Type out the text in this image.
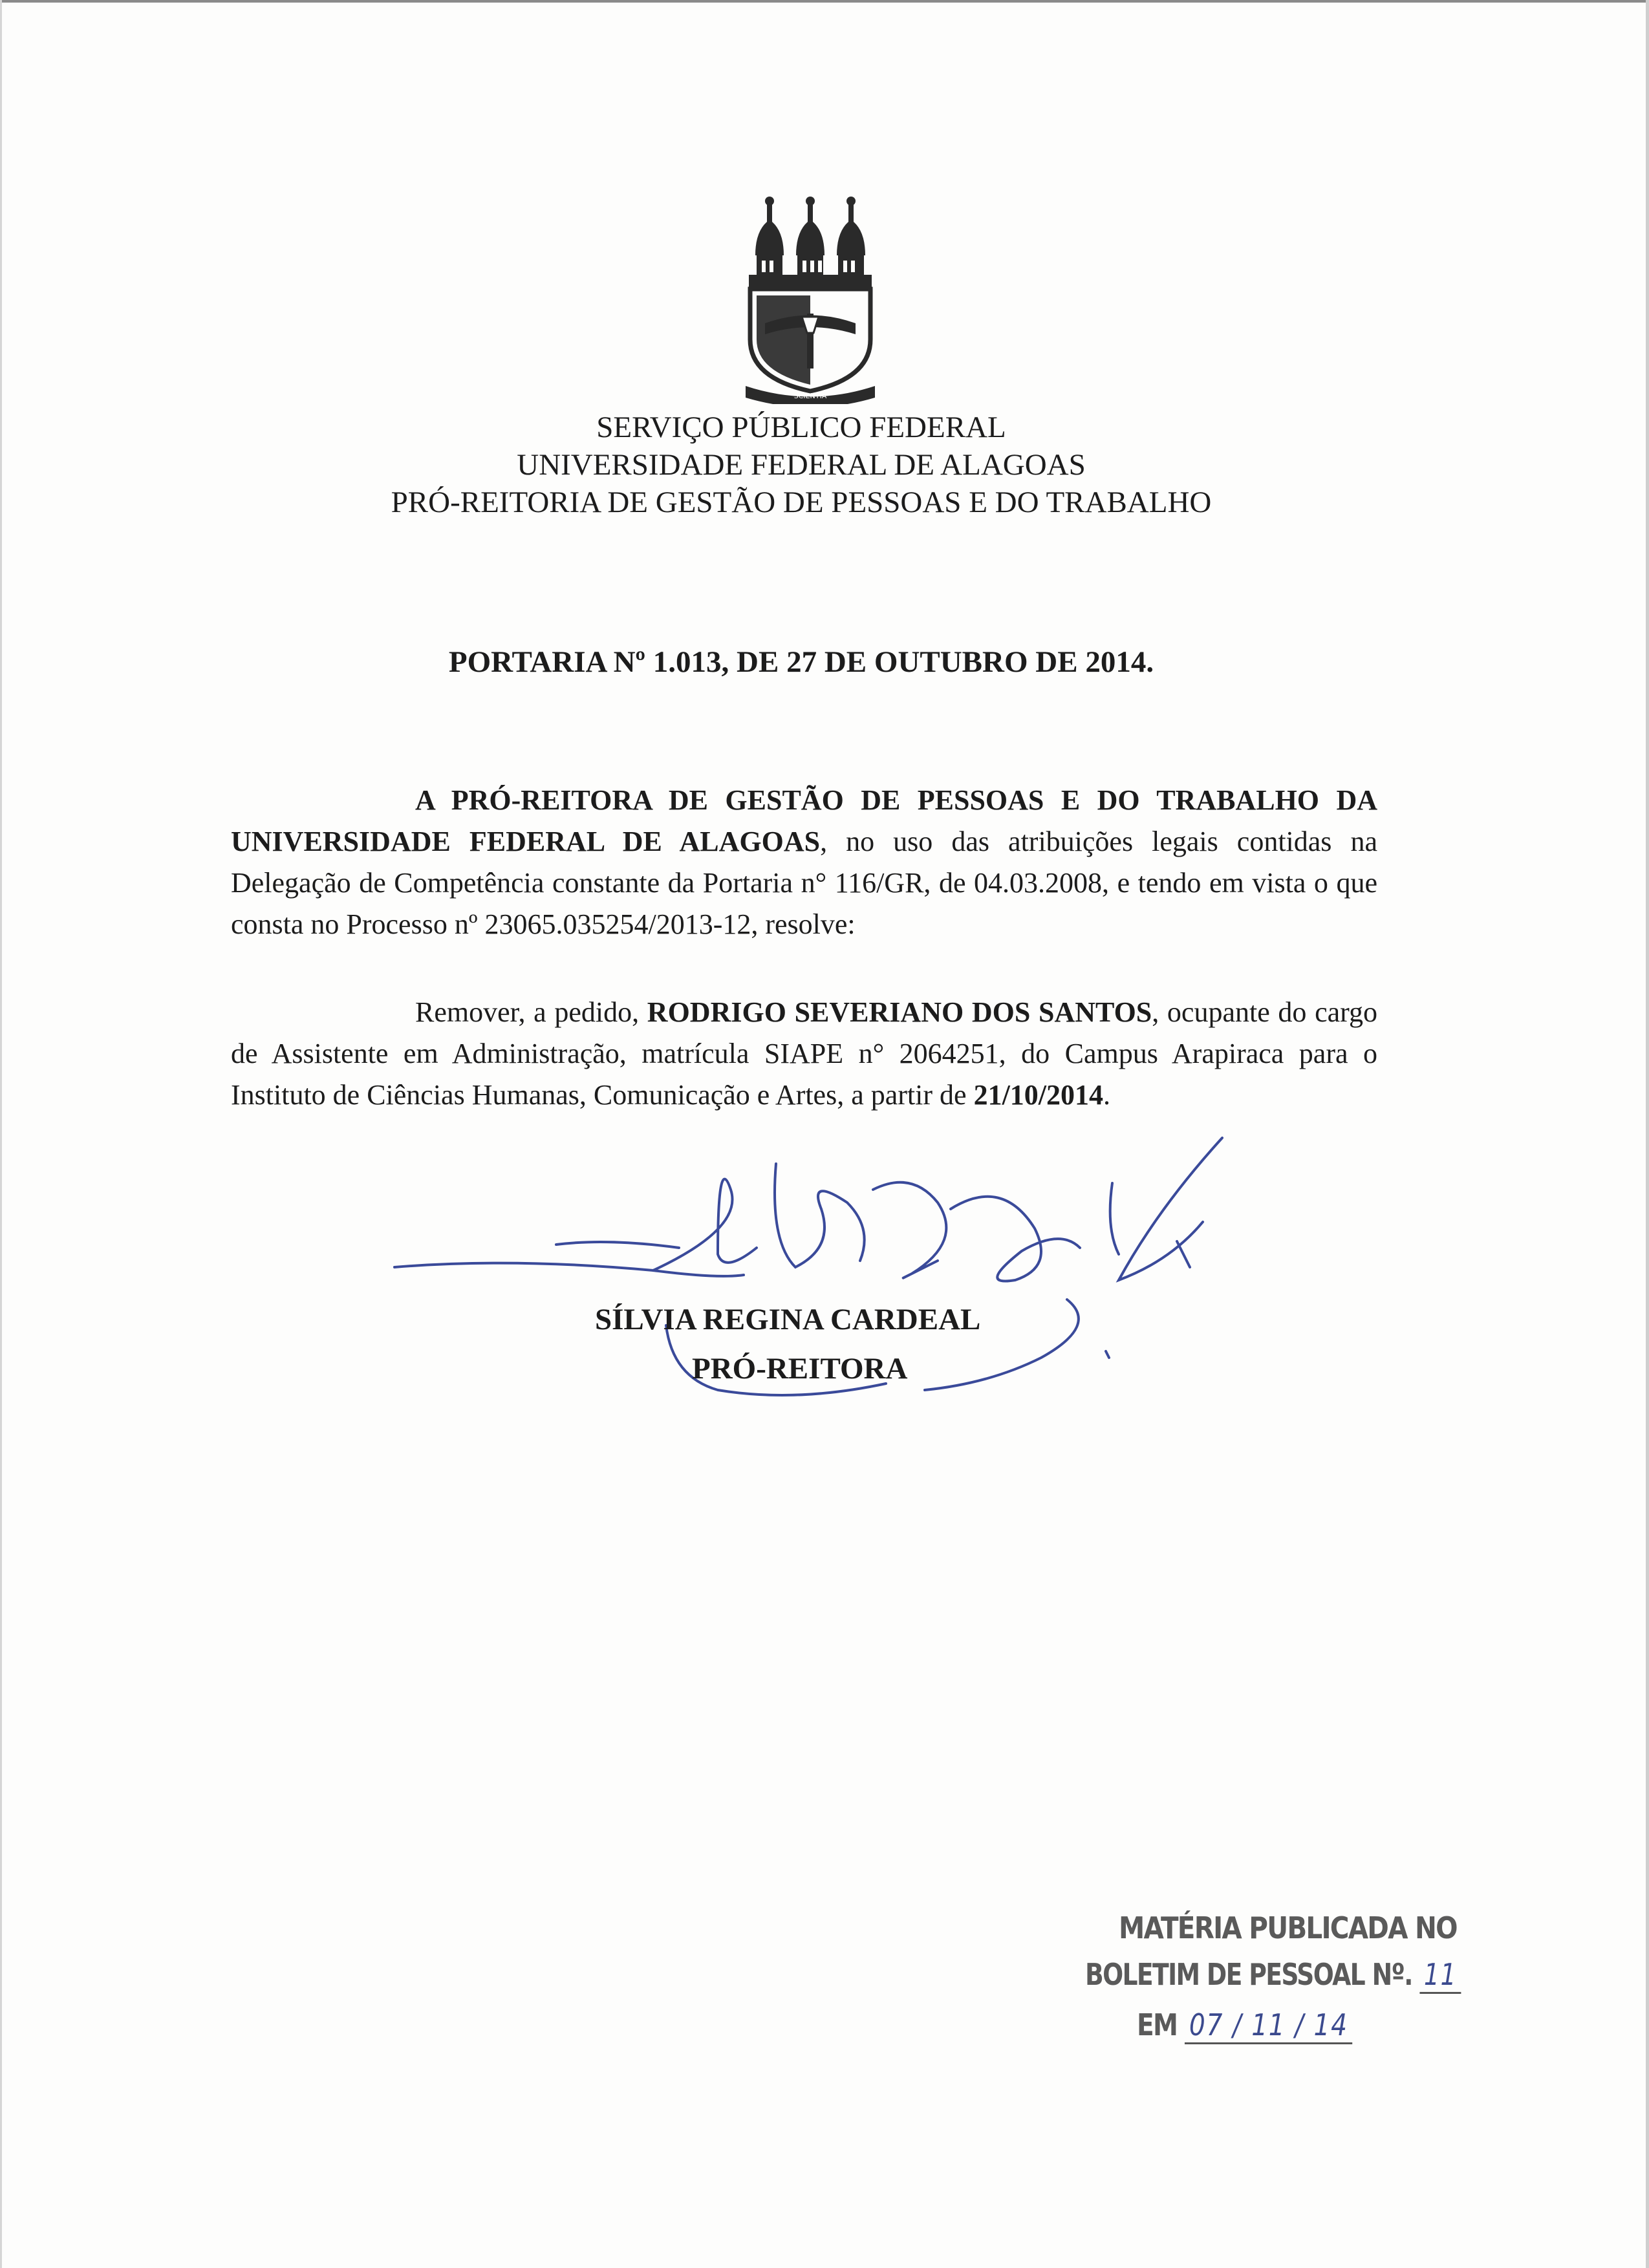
SCIENTIA
SERVIÇO PÚBLICO FEDERAL
UNIVERSIDADE FEDERAL DE ALAGOAS
PRÓ-REITORIA DE GESTÃO DE PESSOAS E DO TRABALHO
PORTARIA Nº 1.013, DE 27 DE OUTUBRO DE 2014.
A PRÓ-REITORA DE GESTÃO DE PESSOAS E DO TRABALHO DA UNIVERSIDADE FEDERAL DE ALAGOAS, no uso das atribuições legais contidas na Delegação de Competência constante da Portaria n° 116/GR, de 04.03.2008, e tendo em vista o que consta no Processo nº 23065.035254/2013-12, resolve:
Remover, a pedido, RODRIGO SEVERIANO DOS SANTOS, ocupante do cargo de Assistente em Administração, matrícula SIAPE n° 2064251, do Campus Arapiraca para o Instituto de Ciências Humanas, Comunicação e Artes, a partir de 21/10/2014.
SÍLVIA REGINA CARDEAL
PRÓ-REITORA
MATÉRIA PUBLICADA NO
BOLETIM DE PESSOAL Nº. 11
EM 07 / 11 / 14
